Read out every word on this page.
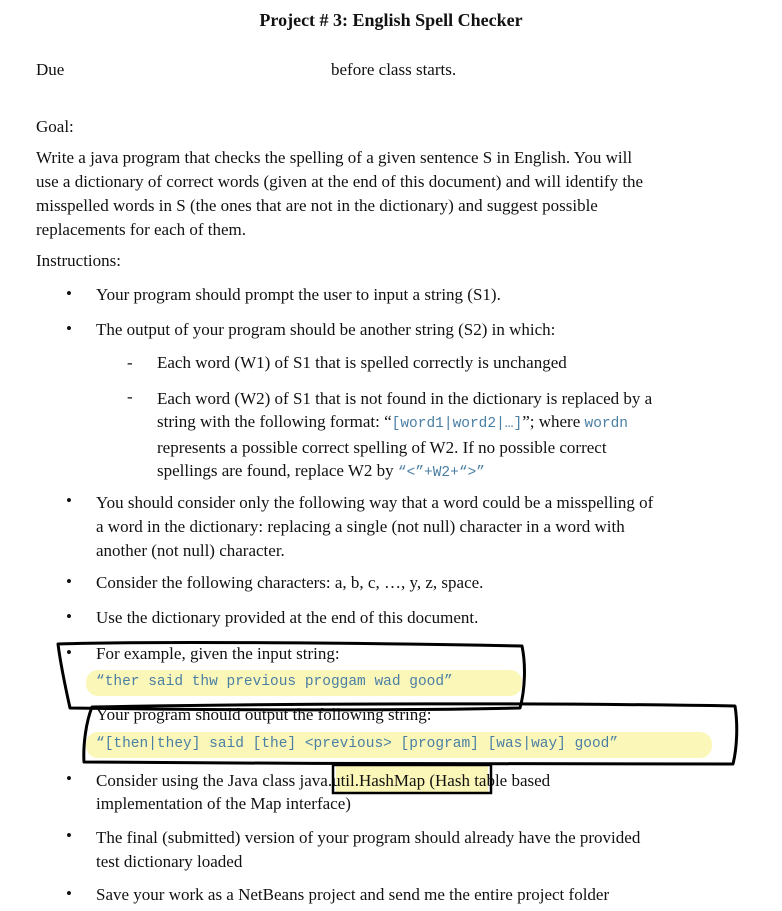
Project # 3: English Spell Checker
Due	before class starts.
Goal:

Write a java program that checks the spelling of a given sentence S in English. You will

use a dictionary of correct words (given at the end of this document) and will identify the

misspelled words in S (the ones that are not in the dictionary) and suggest possible

replacements for each of them.

Instructions:
• Your program should prompt the user to input a string (S1).
• The output of your program should be another string (S2) in which:
- Each word (W1) of S1 that is spelled correctly is unchanged
- Each word (W2) of S1 that is not found in the dictionary is replaced by a

string with the following format: “[word1|word2|…]”; where wordn

represents a possible correct spelling of W2. If no possible correct

spellings are found, replace W2 by “<”+W2+“>”

• You should consider only the following way that a word could be a misspelling of

a word in the dictionary: replacing a single (not null) character in a word with

another (not null) character.

• Consider the following characters: a, b, c, …, y, z, space.
• Use the dictionary provided at the end of this document.
• For example, given the input string:
“ther said thw previous proggam wad good”
Your program should output the following string:
“[then|they] said [the] <previous> [program] [was|way] good”
• Consider using the Java class java.util.HashMap (Hash table based

implementation of the Map interface)

• The final (submitted) version of your program should already have the provided

test dictionary loaded

• Save your work as a NetBeans project and send me the entire project folder
